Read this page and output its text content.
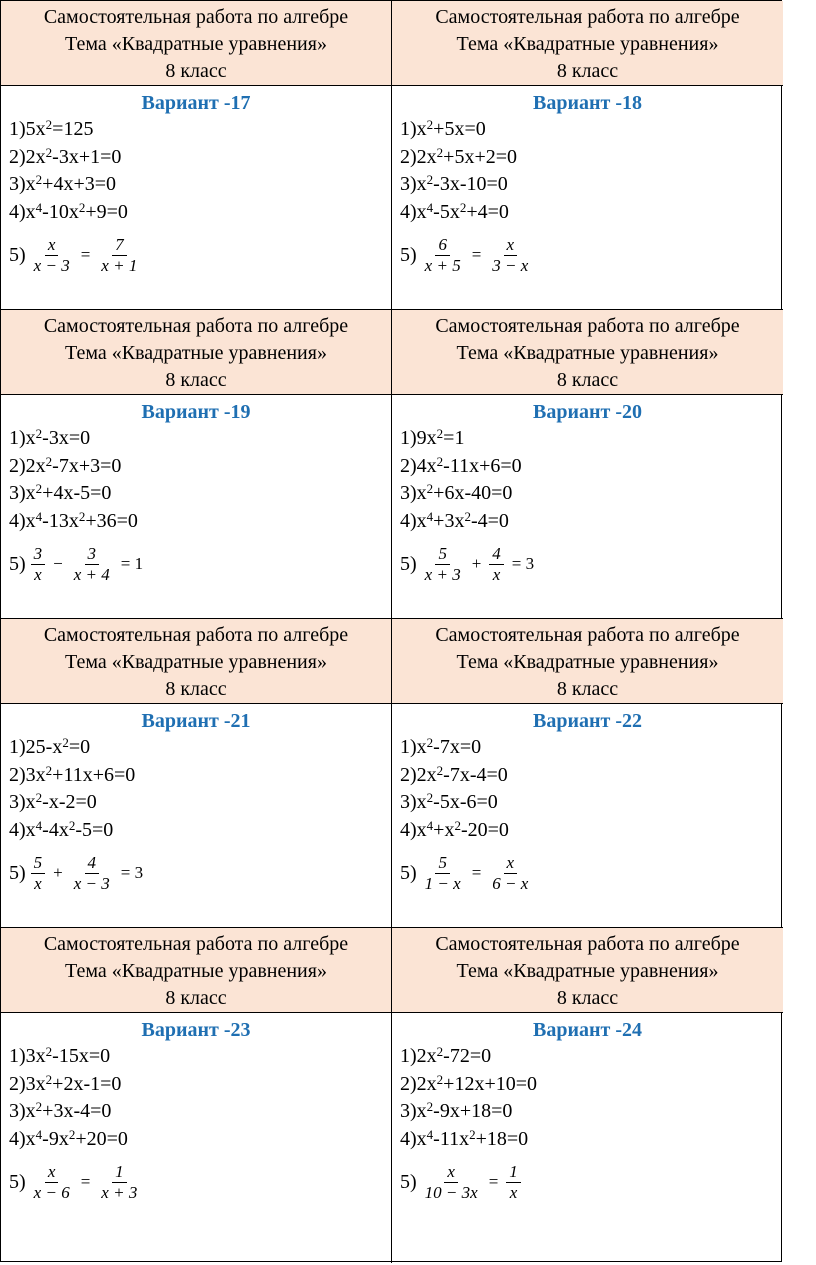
Самостоятельная работа по алгебре
Тема «Квадратные уравнения»
8 класс
Самостоятельная работа по алгебре
Тема «Квадратные уравнения»
8 класс
Вариант -17
$1)5x^2=125$
$2)2x^2-3x+1=0$
$3)x^2+4x+3=0$
$4)x^4-10x^2+9=0$
$5) \frac{x}{x - 3} = \frac{7}{x + 1}$
Вариант -18
$1)x^2+5x=0$
$2)2x^2+5x+2=0$
$3)x^2-3x-10=0$
$4)x^4-5x^2+4=0$
$5) \frac{6}{x + 5} = \frac{x}{3 - x}$
Самостоятельная работа по алгебре
Тема «Квадратные уравнения»
8 класс
Самостоятельная работа по алгебре
Тема «Квадратные уравнения»
8 класс
Вариант -19
$1)x^2-3x=0$
$2)2x^2-7x+3=0$
$3)x^2+4x-5=0$
$4)x^4-13x^2+36=0$
$5) \frac{3}{x} - \frac{3}{x + 4} = 1$
Вариант -20
$1)9x^2=1$
$2)4x^2-11x+6=0$
$3)x^2+6x-40=0$
$4)x^4+3x^2-4=0$
$5) \frac{5}{x + 3} + \frac{4}{x} = 3$
Самостоятельная работа по алгебре
Тема «Квадратные уравнения»
8 класс
Самостоятельная работа по алгебре
Тема «Квадратные уравнения»
8 класс
Вариант -21
$1)25-x^2=0$
$2)3x^2+11x+6=0$
$3)x^2-x-2=0$
$4)x^4-4x^2-5=0$
$5) \frac{5}{x} + \frac{4}{x - 3} = 3$
Вариант -22
$1)x^2-7x=0$
$2)2x^2-7x-4=0$
$3)x^2-5x-6=0$
$4)x^4+x^2-20=0$
$5) \frac{5}{1 - x} = \frac{x}{6 - x}$
Самостоятельная работа по алгебре
Тема «Квадратные уравнения»
8 класс
Самостоятельная работа по алгебре
Тема «Квадратные уравнения»
8 класс
Вариант -23
$1)3x^2-15x=0$
$2)3x^2+2x-1=0$
$3)x^2+3x-4=0$
$4)x^4-9x^2+20=0$
$5) \frac{x}{x - 6} = \frac{1}{x + 3}$
Вариант -24
$1)2x^2-72=0$
$2)2x^2+12x+10=0$
$3)x^2-9x+18=0$
$4)x^4-11x^2+18=0$
$5) \frac{x}{10 - 3x} = \frac{1}{x}$
